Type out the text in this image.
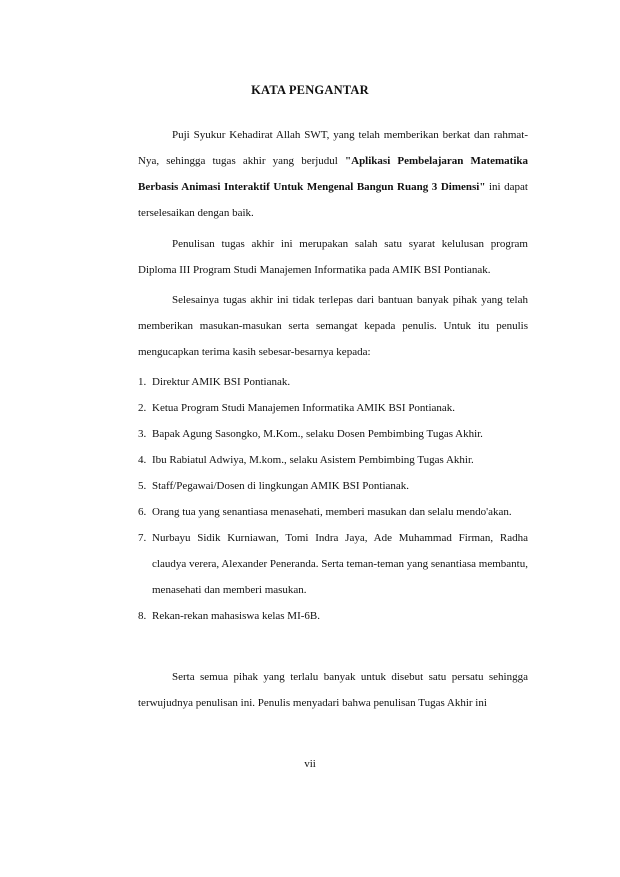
KATA PENGANTAR

Puji Syukur Kehadirat Allah SWT, yang telah memberikan berkat dan rahmat-Nya, sehingga tugas akhir yang berjudul "Aplikasi Pembelajaran Matematika Berbasis Animasi Interaktif Untuk Mengenal Bangun Ruang 3 Dimensi" ini dapat terselesaikan dengan baik.

Penulisan tugas akhir ini merupakan salah satu syarat kelulusan program Diploma III Program Studi Manajemen Informatika pada AMIK BSI Pontianak.

Selesainya tugas akhir ini tidak terlepas dari bantuan banyak pihak yang telah memberikan masukan-masukan serta semangat kepada penulis. Untuk itu penulis mengucapkan terima kasih sebesar-besarnya kepada:

1. Direktur AMIK BSI Pontianak.
2. Ketua Program Studi Manajemen Informatika AMIK BSI Pontianak.
3. Bapak Agung Sasongko, M.Kom., selaku Dosen Pembimbing Tugas Akhir.
4. Ibu Rabiatul Adwiya, M.kom., selaku Asistem Pembimbing Tugas Akhir.
5. Staff/Pegawai/Dosen di lingkungan AMIK BSI Pontianak.
6. Orang tua yang senantiasa menasehati, memberi masukan dan selalu mendo'akan.
7. Nurbayu Sidik Kurniawan, Tomi Indra Jaya, Ade Muhammad Firman, Radha claudya verera, Alexander Peneranda. Serta teman-teman yang senantiasa membantu, menasehati dan memberi masukan.
8. Rekan-rekan mahasiswa kelas MI-6B.

Serta semua pihak yang terlalu banyak untuk disebut satu persatu sehingga terwujudnya penulisan ini. Penulis menyadari bahwa penulisan Tugas Akhir ini

vii
